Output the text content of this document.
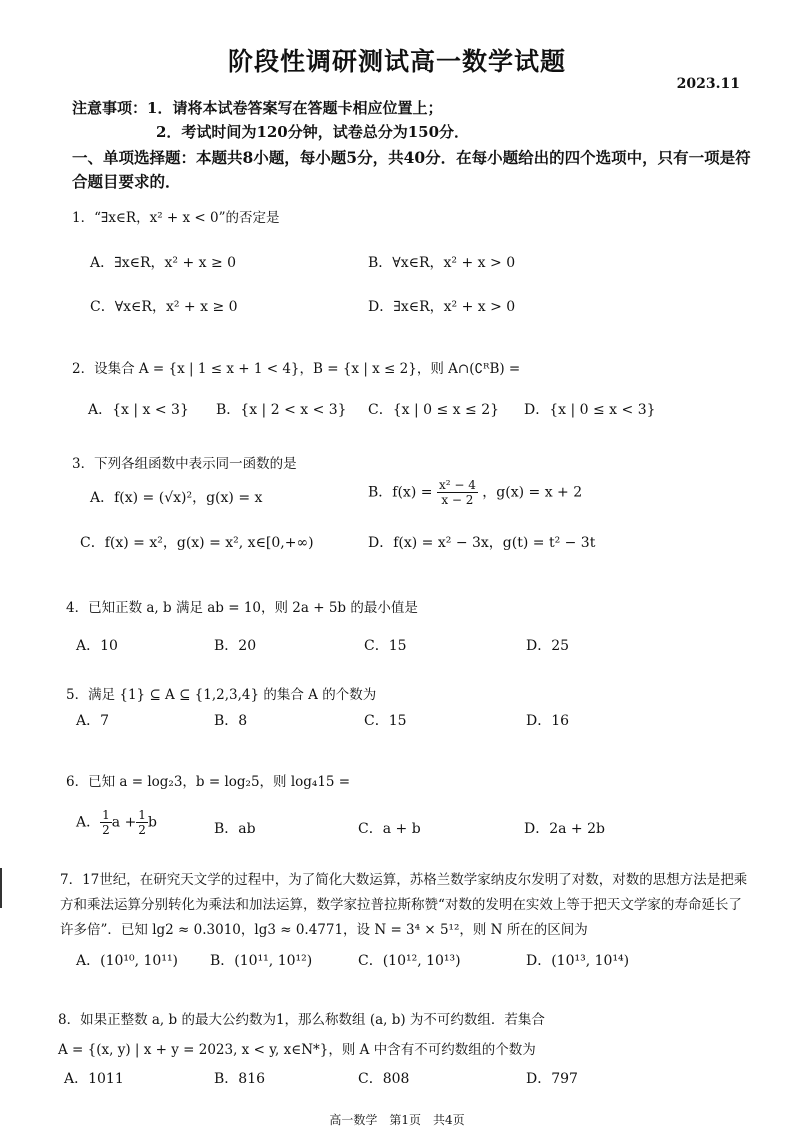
阶段性调研测试高一数学试题
2023.11
注意事项：1．请将本试卷答案写在答题卡相应位置上；
2．考试时间为120分钟，试卷总分为150分．
一、单项选择题：本题共8小题，每小题5分，共40分．在每小题给出的四个选项中，只有一项是符合题目要求的．
1．“∃x∈R，x² + x < 0”的否定是
A．∃x∈R，x² + x ≥ 0	B．∀x∈R，x² + x > 0
C．∀x∈R，x² + x ≥ 0	D．∃x∈R，x² + x > 0
2．设集合 A = {x | 1 ≤ x + 1 < 4}，B = {x | x ≤ 2}，则 A∩(∁ᴿB) =
A．{x | x < 3} B．{x | 2 < x < 3} C．{x | 0 ≤ x ≤ 2} D．{x | 0 ≤ x < 3}
3．下列各组函数中表示同一函数的是
A．f(x) = (√x)²，g(x) = x	B．$f(x) = \frac{\text{x² − 4}}{x - 2}$ ，g(x) = x + 2
C．f(x) = x²，g(x) = x², x∈[0,+∞)	D．f(x) = x² − 3x，g(t) = t² − 3t
4．已知正数 a, b 满足 ab = 10，则 2a + 5b 的最小值是
A．10	B．20	C．15	D．25
5．满足 {1} ⊆ A ⊆ {1,2,3,4} 的集合 A 的个数为
A．7	B．8	C．15	D．16
6．已知 a = log₂3，b = log₂5，则 log₄15 =
A． $\frac{1}{2}$ $a + \frac{1}{2}$ b	B．ab	C．a + b	D．2a + 2b
7．17世纪，在研究天文学的过程中，为了简化大数运算，苏格兰数学家纳皮尔发明了对数，对数的思想方法是把乘方和乘法运算分别转化为乘法和加法运算，数学家拉普拉斯称赞“对数的发明在实效上等于把天文学家的寿命延长了许多倍”．已知 lg2 ≈ 0.3010，lg3 ≈ 0.4771，设 N = 3⁴ × 5¹²，则 N 所在的区间为
A．(10¹⁰, 10¹¹) B．(10¹¹, 10¹²)	C．(10¹², 10¹³)	D．(10¹³, 10¹⁴)
8．如果正整数 a, b 的最大公约数为1，那么称数组 (a, b) 为不可约数组．若集合
A = {(x, y) | x + y = 2023, x < y, x∈N*}，则 A 中含有不可约数组的个数为
A．1011	B．816	C．808	D．797
高一数学　第1页　共4页
